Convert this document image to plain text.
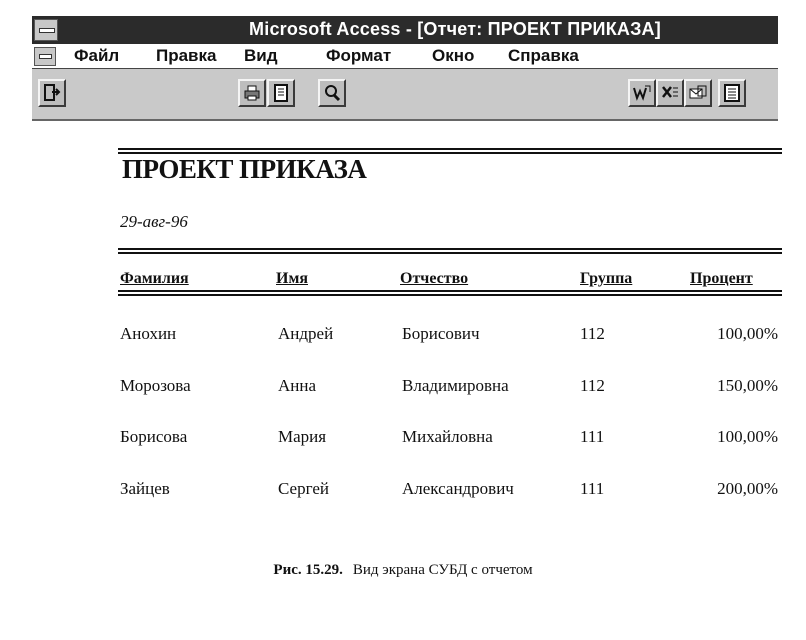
Microsoft Access - [Отчет: ПРОЕКТ ПРИКАЗА]
Файл Правка Вид	Формат Окно Справка
ПРОЕКТ ПРИКАЗА
29-авг-96
Фамилия	Имя	Отчество	Группа	Процент
Анохин	Андрей	Борисович	112	100,00%
Морозова	Анна	Владимировна	112	150,00%
Борисова	Мария	Михайловна	111	100,00%
Зайцев	Сергей	Александрович	111	200,00%
Рис. 15.29. Вид экрана СУБД с отчетом
